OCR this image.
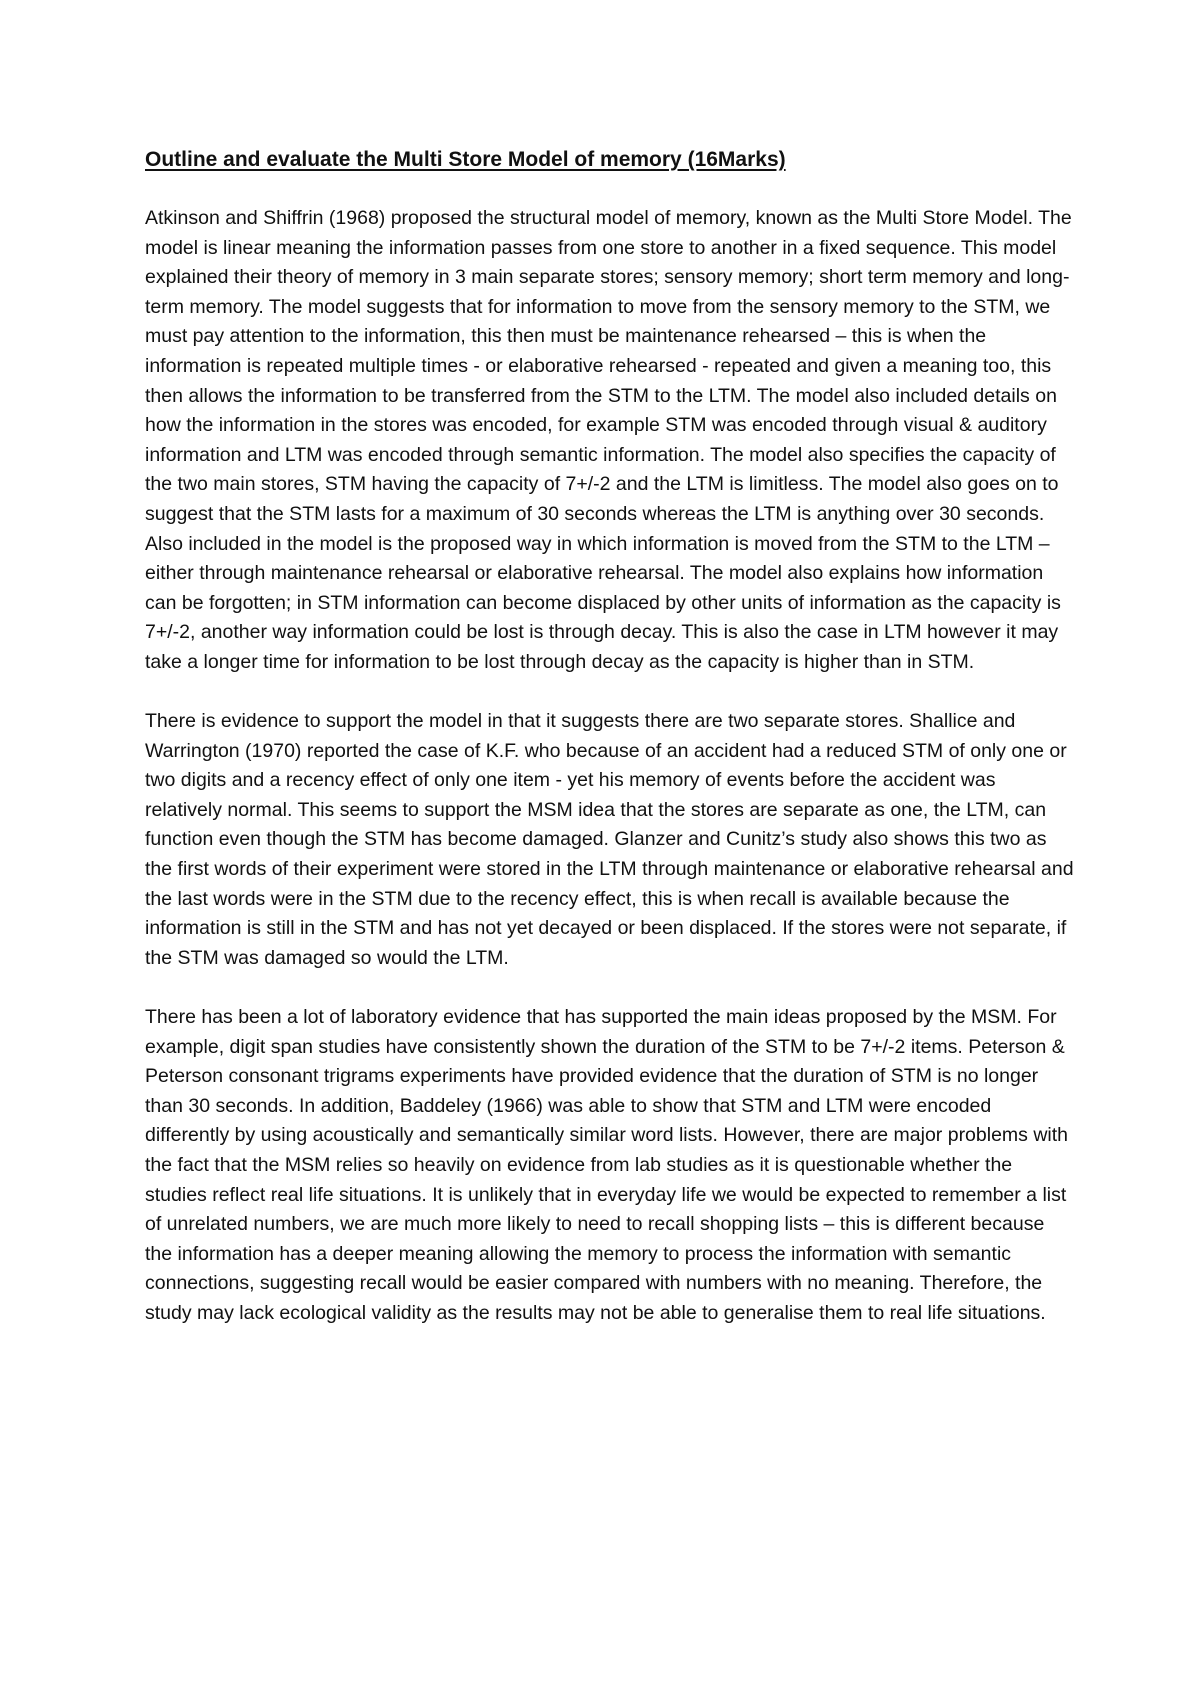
Outline and evaluate the Multi Store Model of memory (16Marks)

Atkinson and Shiffrin (1968) proposed the structural model of memory, known as the Multi Store Model. The model is linear meaning the information passes from one store to another in a fixed sequence. This model explained their theory of memory in 3 main separate stores; sensory memory; short term memory and long-term memory. The model suggests that for information to move from the sensory memory to the STM, we must pay attention to the information, this then must be maintenance rehearsed – this is when the information is repeated multiple times - or elaborative rehearsed - repeated and given a meaning too, this then allows the information to be transferred from the STM to the LTM. The model also included details on how the information in the stores was encoded, for example STM was encoded through visual & auditory information and LTM was encoded through semantic information. The model also specifies the capacity of the two main stores, STM having the capacity of 7+/-2 and the LTM is limitless. The model also goes on to suggest that the STM lasts for a maximum of 30 seconds whereas the LTM is anything over 30 seconds. Also included in the model is the proposed way in which information is moved from the STM to the LTM – either through maintenance rehearsal or elaborative rehearsal. The model also explains how information can be forgotten; in STM information can become displaced by other units of information as the capacity is 7+/-2, another way information could be lost is through decay. This is also the case in LTM however it may take a longer time for information to be lost through decay as the capacity is higher than in STM.

There is evidence to support the model in that it suggests there are two separate stores. Shallice and Warrington (1970) reported the case of K.F. who because of an accident had a reduced STM of only one or two digits and a recency effect of only one item - yet his memory of events before the accident was relatively normal. This seems to support the MSM idea that the stores are separate as one, the LTM, can function even though the STM has become damaged. Glanzer and Cunitz’s study also shows this two as the first words of their experiment were stored in the LTM through maintenance or elaborative rehearsal and the last words were in the STM due to the recency effect, this is when recall is available because the information is still in the STM and has not yet decayed or been displaced. If the stores were not separate, if the STM was damaged so would the LTM.

There has been a lot of laboratory evidence that has supported the main ideas proposed by the MSM. For example, digit span studies have consistently shown the duration of the STM to be 7+/-2 items. Peterson & Peterson consonant trigrams experiments have provided evidence that the duration of STM is no longer than 30 seconds. In addition, Baddeley (1966) was able to show that STM and LTM were encoded differently by using acoustically and semantically similar word lists. However, there are major problems with the fact that the MSM relies so heavily on evidence from lab studies as it is questionable whether the studies reflect real life situations. It is unlikely that in everyday life we would be expected to remember a list of unrelated numbers, we are much more likely to need to recall shopping lists – this is different because the information has a deeper meaning allowing the memory to process the information with semantic connections, suggesting recall would be easier compared with numbers with no meaning. Therefore, the study may lack ecological validity as the results may not be able to generalise them to real life situations.
